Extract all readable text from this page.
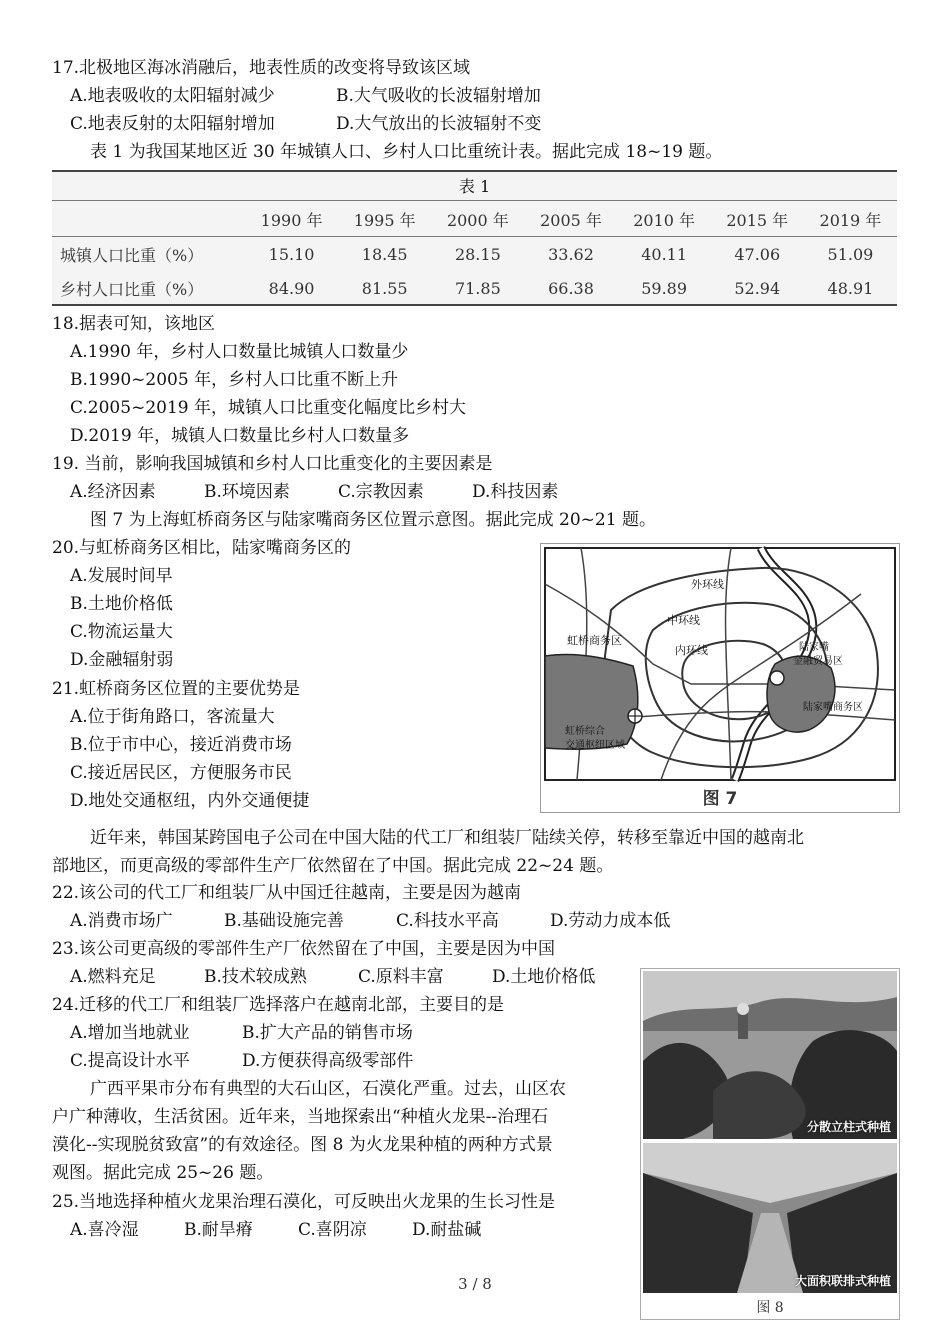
17.北极地区海冰消融后，地表性质的改变将导致该区域
A.地表吸收的太阳辐射减少	B.大气吸收的长波辐射增加
C.地表反射的太阳辐射增加	D.大气放出的长波辐射不变
表 1 为我国某地区近 30 年城镇人口、乡村人口比重统计表。据此完成 18~19 题。
表 1
	1990 年	1995 年	2000 年	2005 年	2010 年	2015 年	2019 年
城镇人口比重（%）	15.10	18.45	28.15	33.62	40.11	47.06	51.09
乡村人口比重（%）	84.90	81.55	71.85	66.38	59.89	52.94	48.91
18.据表可知，该地区
A.1990 年，乡村人口数量比城镇人口数量少
B.1990~2005 年，乡村人口比重不断上升
C.2005~2019 年，城镇人口比重变化幅度比乡村大
D.2019 年，城镇人口数量比乡村人口数量多
19. 当前，影响我国城镇和乡村人口比重变化的主要因素是
A.经济因素	B.环境因素	C.宗教因素	D.科技因素
图 7 为上海虹桥商务区与陆家嘴商务区位置示意图。据此完成 20~21 题。
20.与虹桥商务区相比，陆家嘴商务区的
A.发展时间早
B.土地价格低
C.物流运量大
D.金融辐射弱
21.虹桥商务区位置的主要优势是
A.位于街角路口，客流量大
B.位于市中心，接近消费市场
C.接近居民区，方便服务市民
D.地处交通枢纽，内外交通便捷
外环线
中环线
内环线
虹桥商务区
虹桥综合
交通枢纽区域
陆家嘴
金融贸易区
陆家嘴商务区
图 7
近年来，韩国某跨国电子公司在中国大陆的代工厂和组装厂陆续关停，转移至靠近中国的越南北
部地区，而更高级的零部件生产厂依然留在了中国。据此完成 22~24 题。
22.该公司的代工厂和组装厂从中国迁往越南，主要是因为越南
A.消费市场广	B.基础设施完善	C.科技水平高	D.劳动力成本低
23.该公司更高级的零部件生产厂依然留在了中国，主要是因为中国
A.燃料充足	B.技术较成熟	C.原料丰富	D.土地价格低
24.迁移的代工厂和组装厂选择落户在越南北部，主要目的是
A.增加当地就业	B.扩大产品的销售市场
C.提高设计水平	D.方便获得高级零部件
广西平果市分布有典型的大石山区，石漠化严重。过去，山区农
户广种薄收，生活贫困。近年来，当地探索出“种植火龙果--治理石
漠化--实现脱贫致富”的有效途径。图 8 为火龙果种植的两种方式景
观图。据此完成 25~26 题。
25.当地选择种植火龙果治理石漠化，可反映出火龙果的生长习性是
A.喜冷湿	B.耐旱瘠	C.喜阴凉	D.耐盐碱
分散立柱式种植
大面积联排式种植
图 8
3 / 8
